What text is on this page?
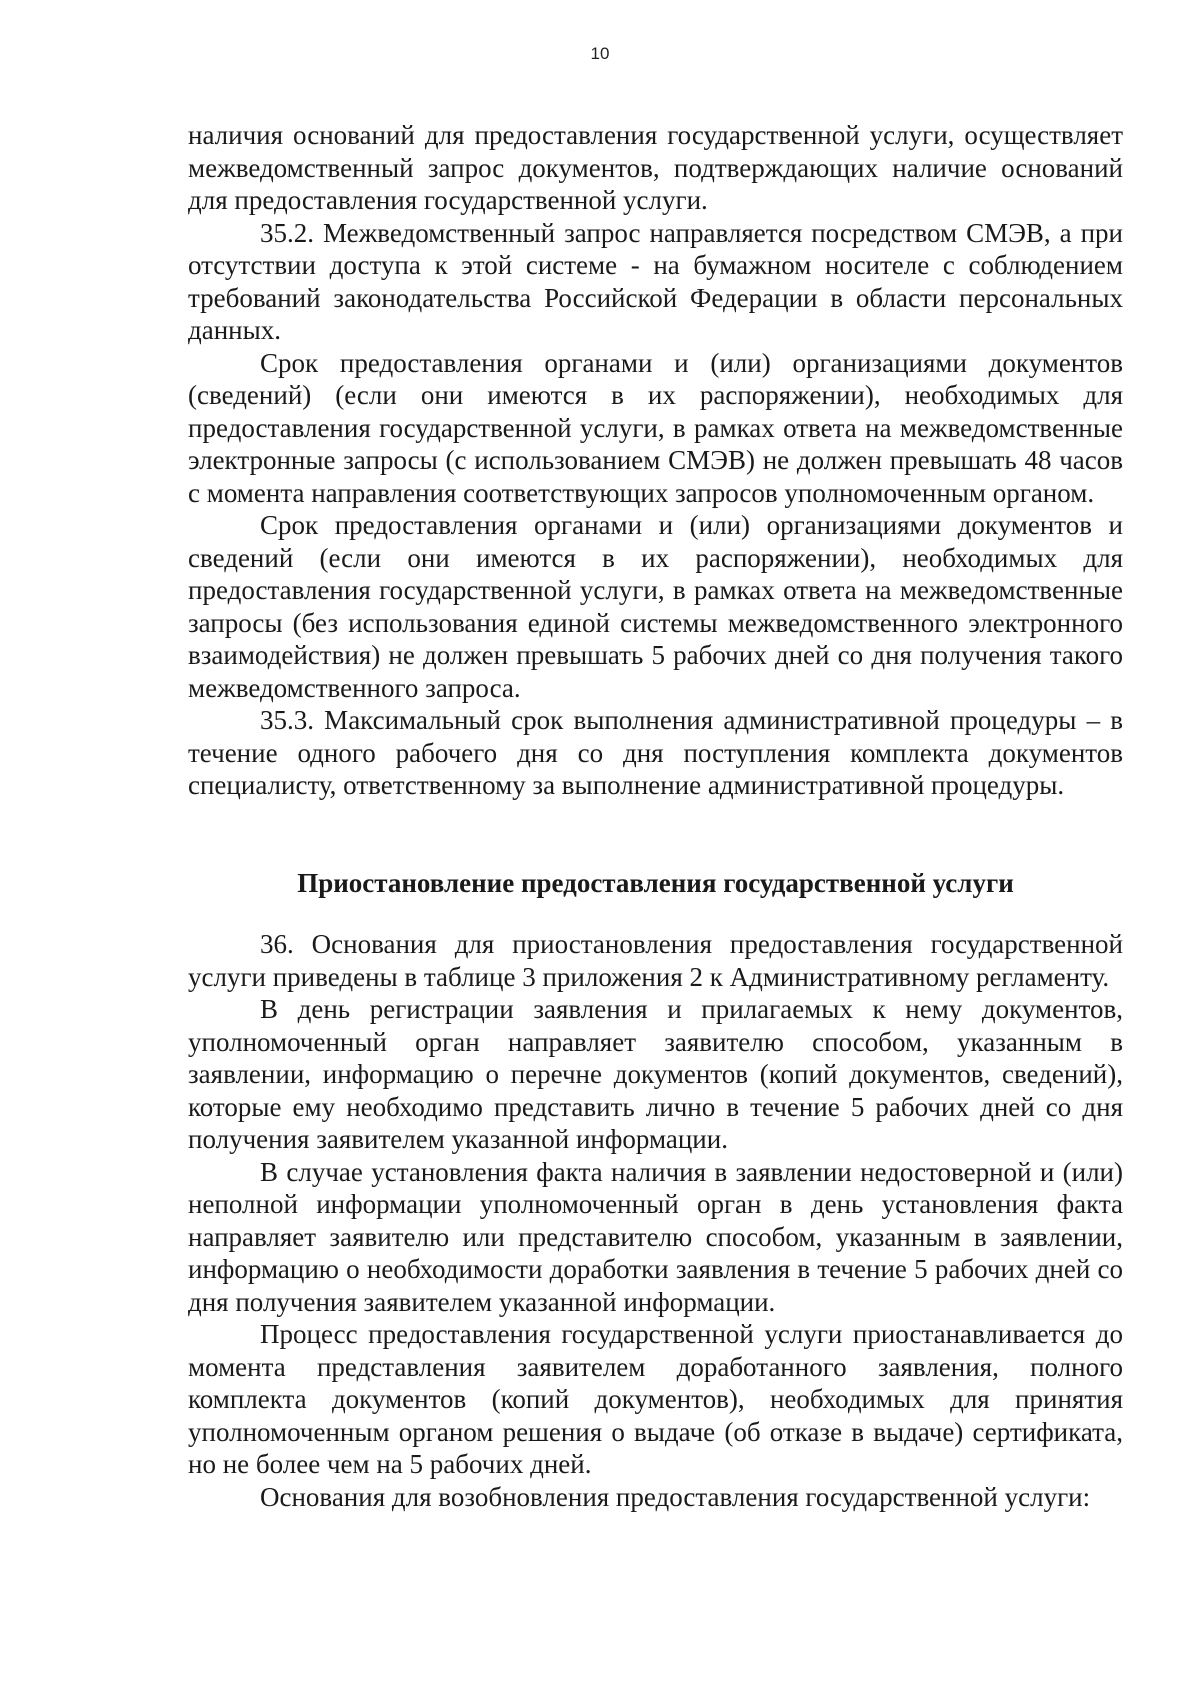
10

наличия оснований для предоставления государственной услуги, осуществляет межведомственный запрос документов, подтверждающих наличие оснований для предоставления государственной услуги.

35.2. Межведомственный запрос направляется посредством СМЭВ, а при отсутствии доступа к этой системе - на бумажном носителе с соблюдением требований законодательства Российской Федерации в области персональных данных.

Срок предоставления органами и (или) организациями документов (сведений) (если они имеются в их распоряжении), необходимых для предоставления государственной услуги, в рамках ответа на межведомственные электронные запросы (с использованием СМЭВ) не должен превышать 48 часов с момента направления соответствующих запросов уполномоченным органом.

Срок предоставления органами и (или) организациями документов и сведений (если они имеются в их распоряжении), необходимых для предоставления государственной услуги, в рамках ответа на межведомственные запросы (без использования единой системы межведомственного электронного взаимодействия) не должен превышать 5 рабочих дней со дня получения такого межведомственного запроса.

35.3. Максимальный срок выполнения административной процедуры – в течение одного рабочего дня со дня поступления комплекта документов специалисту, ответственному за выполнение административной процедуры.

Приостановление предоставления государственной услуги

36. Основания для приостановления предоставления государственной услуги приведены в таблице 3 приложения 2 к Административному регламенту.

В день регистрации заявления и прилагаемых к нему документов, уполномоченный орган направляет заявителю способом, указанным в заявлении, информацию о перечне документов (копий документов, сведений), которые ему необходимо представить лично в течение 5 рабочих дней со дня получения заявителем указанной информации.

В случае установления факта наличия в заявлении недостоверной и (или) неполной информации уполномоченный орган в день установления факта направляет заявителю или представителю способом, указанным в заявлении, информацию о необходимости доработки заявления в течение 5 рабочих дней со дня получения заявителем указанной информации.

Процесс предоставления государственной услуги приостанавливается до момента представления заявителем доработанного заявления, полного комплекта документов (копий документов), необходимых для принятия уполномоченным органом решения о выдаче (об отказе в выдаче) сертификата, но не более чем на 5 рабочих дней.

Основания для возобновления предоставления государственной услуги:
